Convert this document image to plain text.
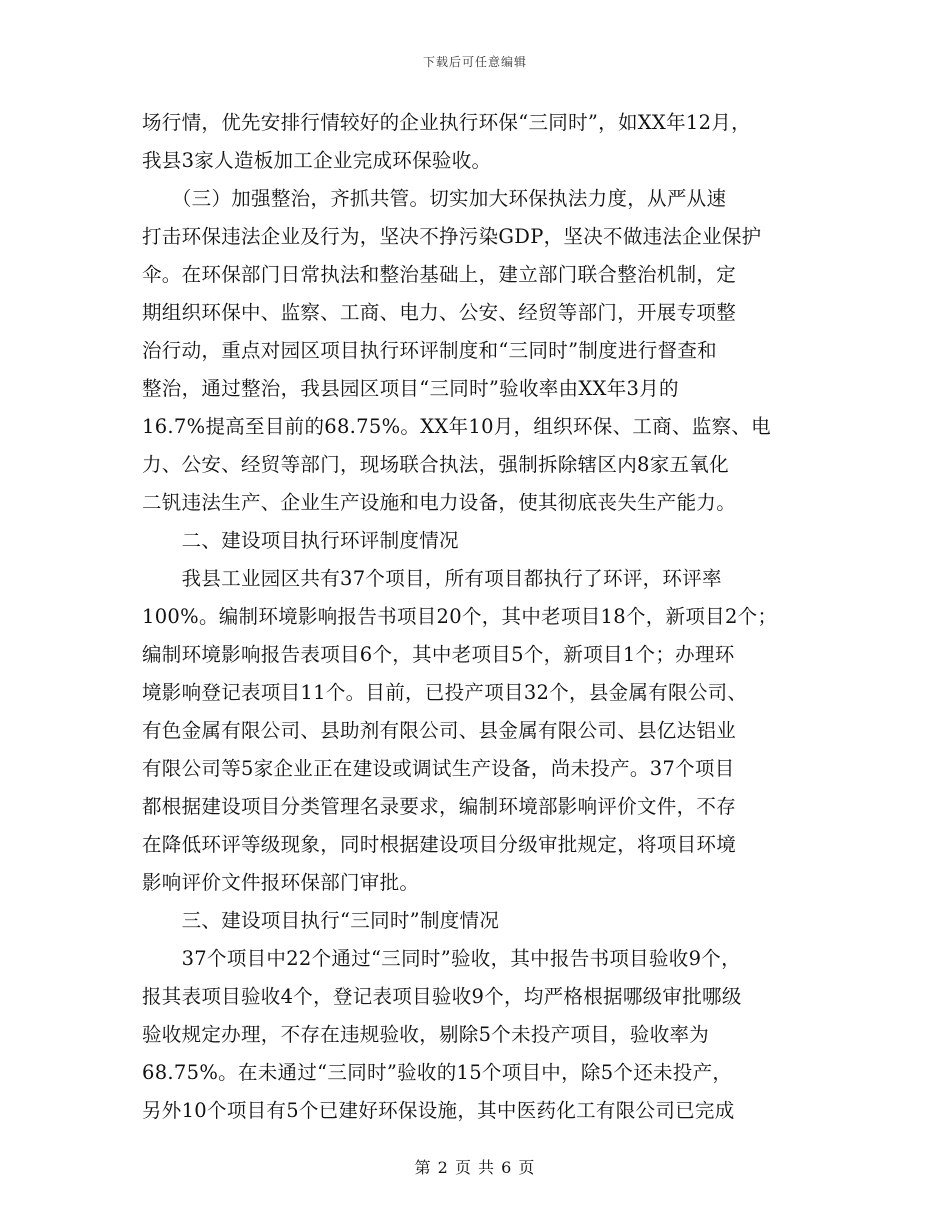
下载后可任意编辑
场行情，优先安排行情较好的企业执行环保“三同时”，如XX年12月，
我县3家人造板加工企业完成环保验收。
　　（三）加强整治，齐抓共管。切实加大环保执法力度，从严从速
打击环保违法企业及行为，坚决不挣污染GDP，坚决不做违法企业保护
伞。在环保部门日常执法和整治基础上，建立部门联合整治机制，定
期组织环保中、监察、工商、电力、公安、经贸等部门，开展专项整
治行动，重点对园区项目执行环评制度和“三同时”制度进行督查和
整治，通过整治，我县园区项目“三同时”验收率由XX年3月的
16.7%提高至目前的68.75%。XX年10月，组织环保、工商、监察、电
力、公安、经贸等部门，现场联合执法，强制拆除辖区内8家五氧化
二钒违法生产、企业生产设施和电力设备，使其彻底丧失生产能力。
　　二、建设项目执行环评制度情况
　　我县工业园区共有37个项目，所有项目都执行了环评，环评率
100%。编制环境影响报告书项目20个，其中老项目18个，新项目2个；
编制环境影响报告表项目6个，其中老项目5个，新项目1个；办理环
境影响登记表项目11个。目前，已投产项目32个，县金属有限公司、
有色金属有限公司、县助剂有限公司、县金属有限公司、县亿达铝业
有限公司等5家企业正在建设或调试生产设备，尚未投产。37个项目
都根据建设项目分类管理名录要求，编制环境部影响评价文件，不存
在降低环评等级现象，同时根据建设项目分级审批规定，将项目环境
影响评价文件报环保部门审批。
　　三、建设项目执行“三同时”制度情况
　　37个项目中22个通过“三同时”验收，其中报告书项目验收9个，
报其表项目验收4个，登记表项目验收9个，均严格根据哪级审批哪级
验收规定办理，不存在违规验收，剔除5个未投产项目，验收率为
68.75%。在未通过“三同时”验收的15个项目中，除5个还未投产，
另外10个项目有5个已建好环保设施，其中医药化工有限公司已完成
第 2 页 共 6 页
